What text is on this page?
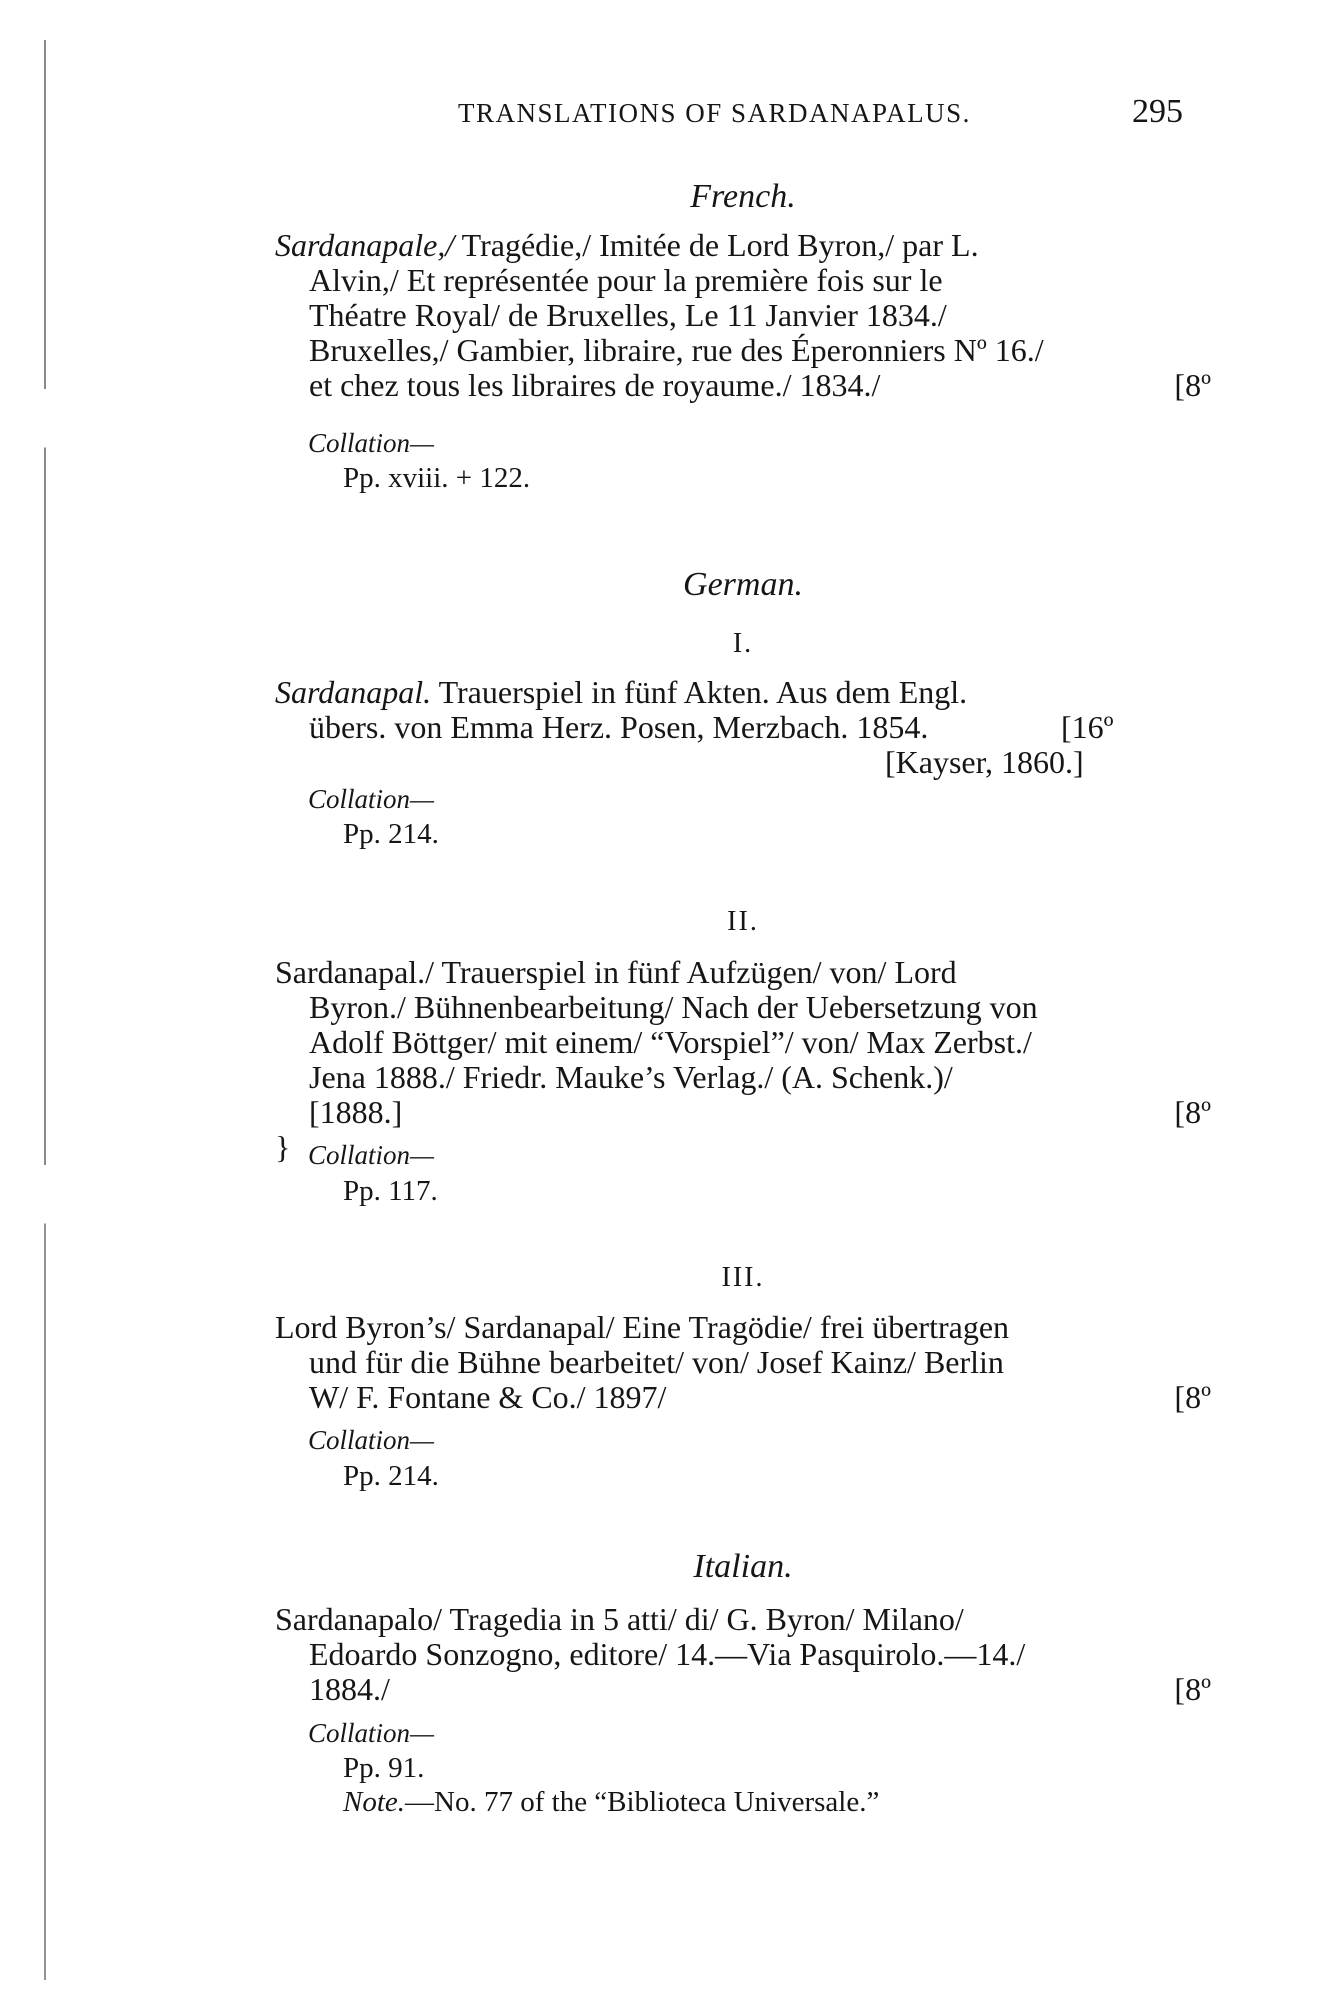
TRANSLATIONS OF SARDANAPALUS.	295
French.
Sardanapale,/ Tragédie,/ Imitée de Lord Byron,/ par L.
Alvin,/ Et représentée pour la première fois sur le
Théatre Royal/ de Bruxelles, Le 11 Janvier 1834./
Bruxelles,/ Gambier, libraire, rue des Éperonniers Nº 16./
et chez tous les libraires de royaume./ 1834./	[8º
Collation—
Pp. xviii. + 122.
German.
I.
Sardanapal. Trauerspiel in fünf Akten. Aus dem Engl.
übers. von Emma Herz. Posen, Merzbach. 1854.	[16º
[Kayser, 1860.]
Collation—
Pp. 214.
II.
Sardanapal./ Trauerspiel in fünf Aufzügen/ von/ Lord
Byron./ Bühnenbearbeitung/ Nach der Uebersetzung von
Adolf Böttger/ mit einem/ “Vorspiel”/ von/ Max Zerbst./
Jena 1888./ Friedr. Mauke’s Verlag./ (A. Schenk.)/
[1888.]	[8º
} Collation—
Pp. 117.
III.
Lord Byron’s/ Sardanapal/ Eine Tragödie/ frei übertragen
und für die Bühne bearbeitet/ von/ Josef Kainz/ Berlin
W/ F. Fontane & Co./ 1897/	[8º
Collation—
Pp. 214.
Italian.
Sardanapalo/ Tragedia in 5 atti/ di/ G. Byron/ Milano/
Edoardo Sonzogno, editore/ 14.—Via Pasquirolo.—14./
1884./	[8º
Collation—
Pp. 91.
Note.—No. 77 of the “Biblioteca Universale.”
